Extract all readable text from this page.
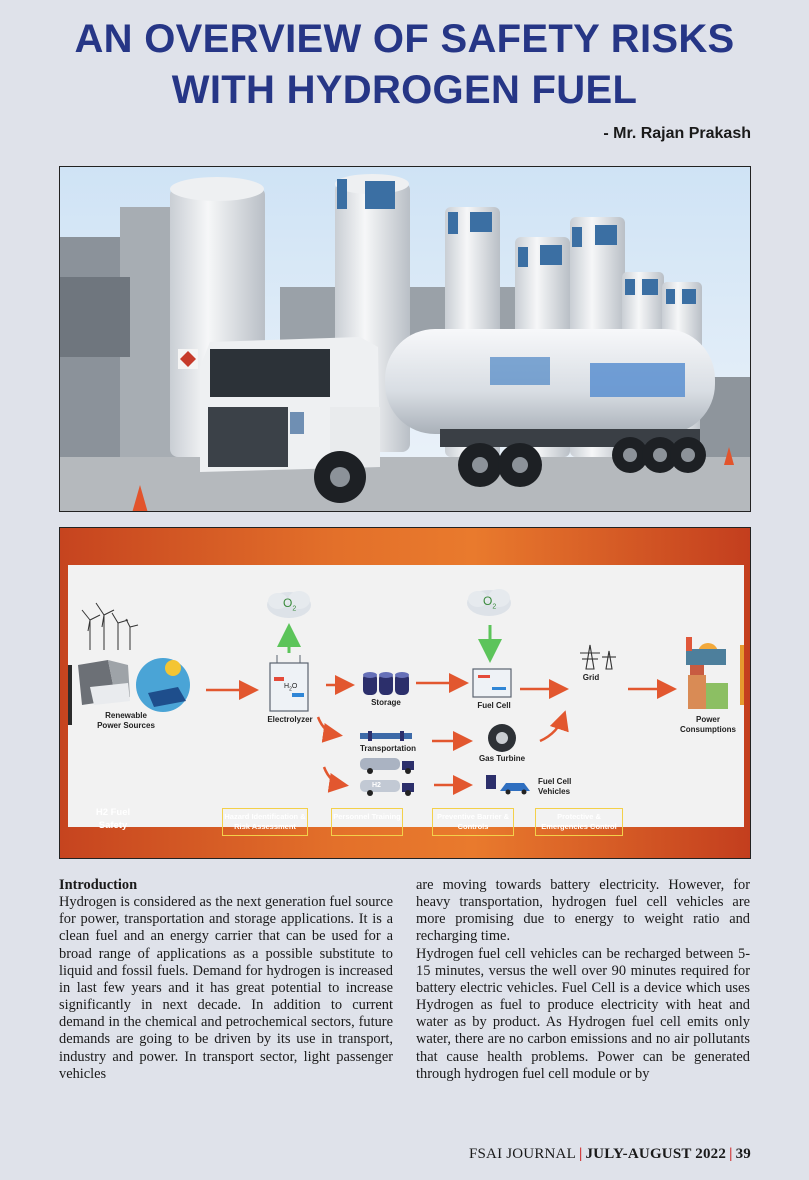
AN OVERVIEW OF SAFETY RISKS
WITH HYDROGEN FUEL
- Mr. Rajan Prakash
$O_2$
$O_2$
Renewable Power Sources
$H_2O$
Electrolyzer
Storage
Transportation
Fuel Cell
Gas Turbine
Fuel Cell Vehicles
Grid
Power Consumptions
H2
H2 Fuel Safety
Hazard Identification & Risk Assessment
Personnel Training	Preventive Barrier & Controls
Protective & Emergencies Control

Introduction

Hydrogen is considered as the next generation fuel source for power, transportation and storage applications. It is a clean fuel and an energy carrier that can be used for a broad range of applications as a possible substitute to liquid and fossil fuels. Demand for hydrogen is increased in last few years and it has great potential to increase significantly in next decade. In addition to current demand in the chemical and petrochemical sectors, future demands are going to be driven by its use in transport, industry and power. In transport sector, light passenger vehicles

are moving towards battery electricity. However, for heavy transportation, hydrogen fuel cell vehicles are more promising due to energy to weight ratio and recharging time.

Hydrogen fuel cell vehicles can be recharged between 5-15 minutes, versus the well over 90 minutes required for battery electric vehicles. Fuel Cell is a device which uses Hydrogen as fuel to produce electricity with heat and water as by product. As Hydrogen fuel cell emits only water, there are no carbon emissions and no air pollutants that cause health problems. Power can be generated through hydrogen fuel cell module or by

FSAI JOURNAL | JULY-AUGUST 2022 | 39
